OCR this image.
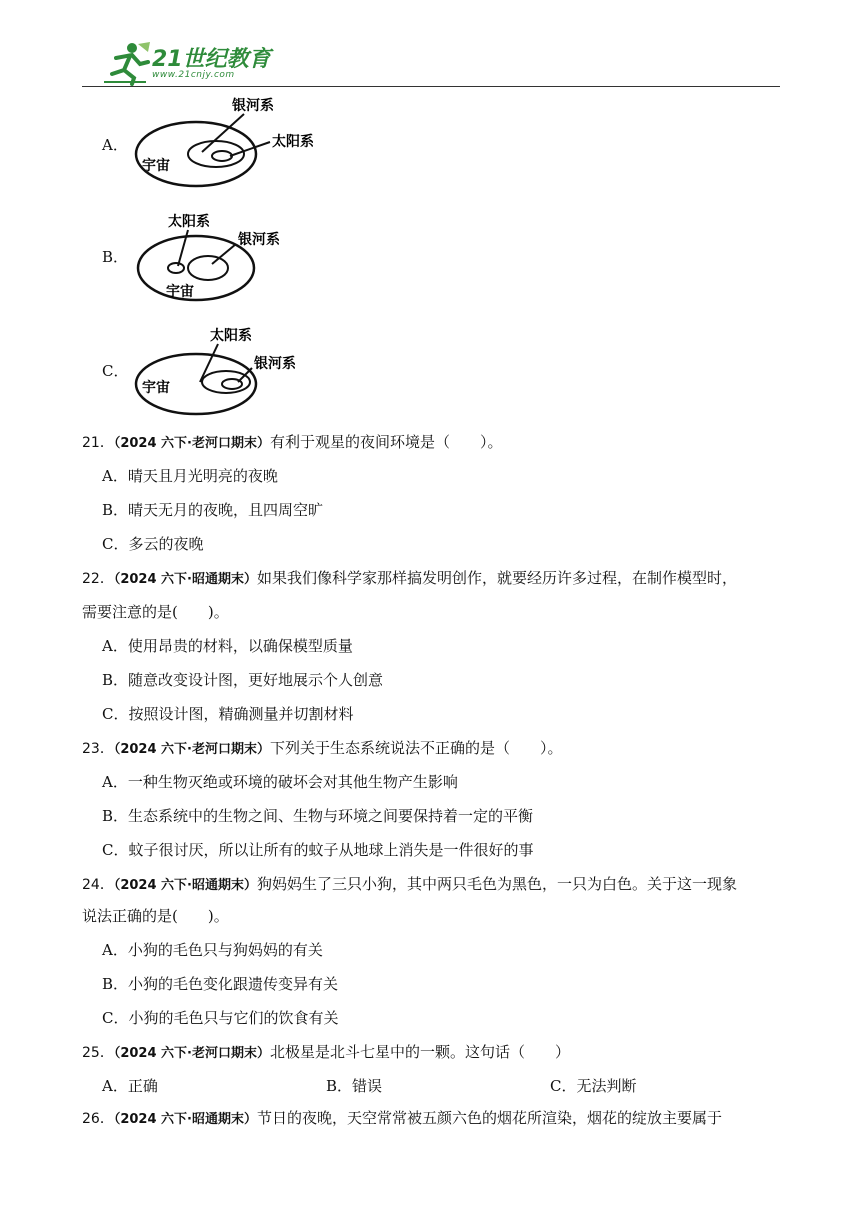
21世纪教育
www.21cnjy.com
A．
银河系
太阳系
宇宙
B．
太阳系
银河系
宇宙
C．
太阳系
银河系
宇宙
21．（2024 六下·老河口期末）有利于观星的夜间环境是（　　）。
A．晴天且月光明亮的夜晚
B．晴天无月的夜晚，且四周空旷
C．多云的夜晚
22．（2024 六下·昭通期末）如果我们像科学家那样搞发明创作，就要经历许多过程，在制作模型时，
需要注意的是(　　)。
A．使用昂贵的材料，以确保模型质量
B．随意改变设计图，更好地展示个人创意
C．按照设计图，精确测量并切割材料
23．（2024 六下·老河口期末）下列关于生态系统说法不正确的是（　　）。
A．一种生物灭绝或环境的破坏会对其他生物产生影响
B．生态系统中的生物之间、生物与环境之间要保持着一定的平衡
C．蚊子很讨厌，所以让所有的蚊子从地球上消失是一件很好的事
24．（2024 六下·昭通期末）狗妈妈生了三只小狗，其中两只毛色为黑色，一只为白色。关于这一现象
说法正确的是(　　)。
A．小狗的毛色只与狗妈妈的有关
B．小狗的毛色变化跟遗传变异有关
C．小狗的毛色只与它们的饮食有关
25．（2024 六下·老河口期末）北极星是北斗七星中的一颗。这句话（　　）
A．正确	B．错误	C．无法判断
26．（2024 六下·昭通期末）节日的夜晚，天空常常被五颜六色的烟花所渲染，烟花的绽放主要属于
